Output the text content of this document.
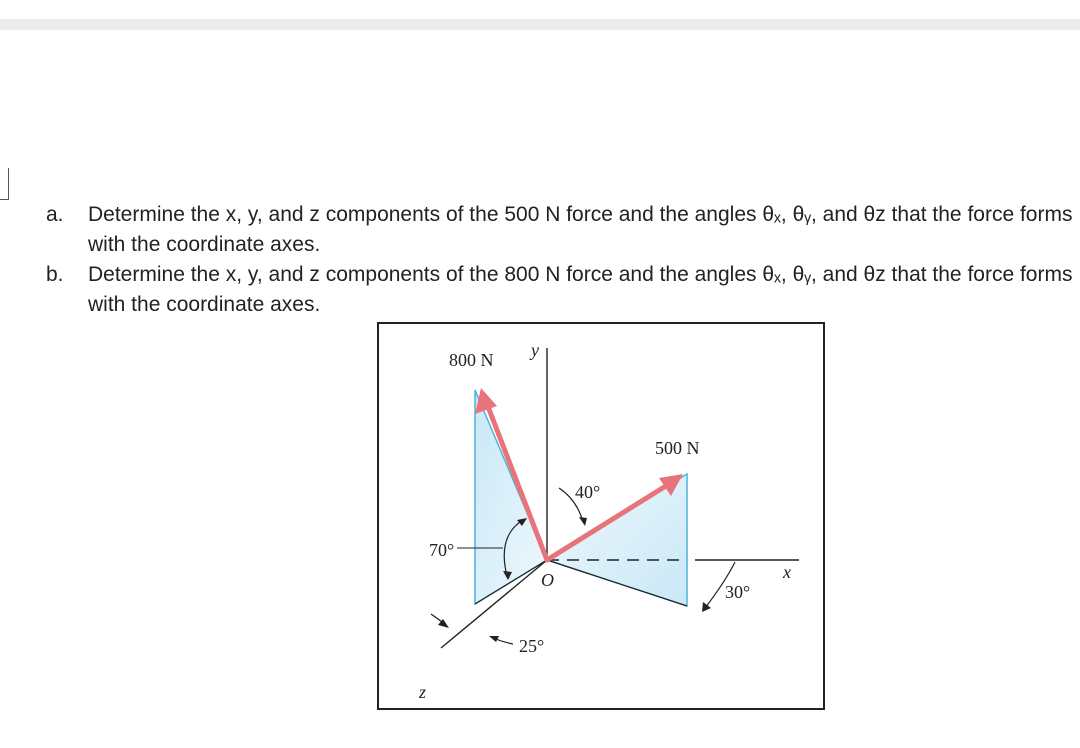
a.	Determine the x, y, and z components of the 500 N force and the angles θₓ, θᵧ, and θz that the force forms with the coordinate axes.
b.	Determine the x, y, and z components of the 800 N force and the angles θₓ, θᵧ, and θz that the force forms with the coordinate axes.
800 N y
500 N
40°
70°
O	x
30°
25°
z
